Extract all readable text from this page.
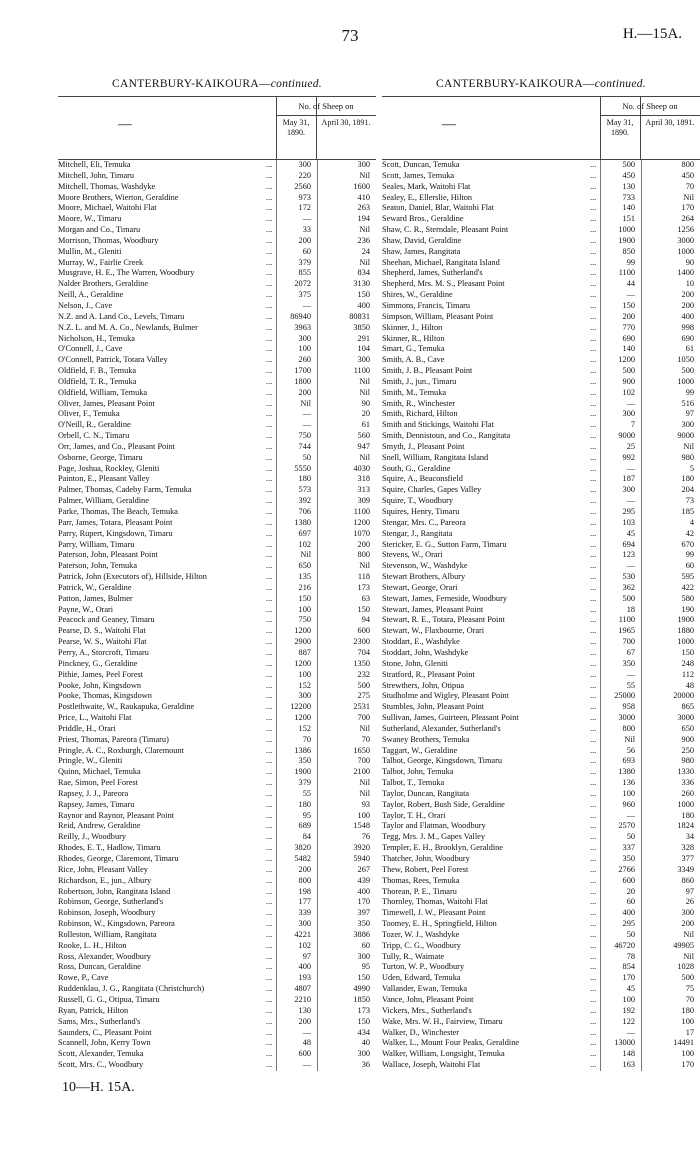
73	H.—15A.
CANTERBURY-KAIKOURA—continued.
—
No. of Sheep on
May 31, 1890.
April 30, 1891.
Mitchell, Eli, Temuka	...	300	300
Mitchell, John, Timaru	...	220	Nil
Mitchell, Thomas, Washdyke	...	2560	1600
Moore Brothers, Wierton, Geraldine	...	973	410
Moore, Michael, Waitohi Flat	...	172	263
Moore, W., Timaru	...	—	194
Morgan and Co., Timaru	...	33	Nil
Morrison, Thomas, Woodbury	...	200	236
Mullin, M., Gleniti	...	60	24
Murray, W., Fairlie Creek	...	379	Nil
Musgrave, H. E., The Warren, Woodbury	...	855	834
Nalder Brothers, Geraldine	...	2072	3130
Neill, A., Geraldine	...	375	150
Nelson, J., Cave	...	—	400
N.Z. and A. Land Co., Levels, Timaru	...	86940	80831
N.Z. L. and M. A. Co., Newlands, Bulmer	...	3963	3850
Nicholson, H., Temuka	...	300	291
O'Connell, J., Cave	...	100	104
O'Connell, Patrick, Totara Valley	...	260	300
Oldfield, F. B., Temuka	...	1700	1100
Oldfield, T. R., Temuka	...	1800	Nil
Oldfield, William, Temuka	...	200	Nil
Oliver, James, Pleasant Point	...	Nil	90
Oliver, F., Temuka	...	—	20
O'Neill, R., Geraldine	...	—	61
Orbell, C. N., Timaru	...	750	560
Orr, James, and Co., Pleasant Point	...	744	947
Osborne, George, Timaru	...	50	Nil
Page, Joshua, Rockley, Gleniti	...	5550	4030
Painton, E., Pleasant Valley	...	180	318
Palmer, Thomas, Cadeby Farm, Temuka	...	573	313
Palmer, William, Geraldine	...	392	309
Parke, Thomas, The Beach, Temuka	...	706	1100
Parr, James, Totara, Pleasant Point	...	1380	1200
Parry, Rupert, Kingsdown, Timaru	...	697	1070
Parry, William, Timaru	...	102	200
Paterson, John, Pleasant Point	...	Nil	800
Paterson, John, Temuka	...	650	Nil
Patrick, John (Executors of), Hillside, Hilton	...	135	118
Patrick, W., Geraldine	...	216	173
Patton, James, Bulmer	...	150	63
Payne, W., Orari	...	100	150
Peacock and Geaney, Timaru	...	750	94
Pearse, D. S., Waitohi Flat	...	1200	600
Pearse, W. S., Waitohi Flat	...	2900	2300
Perry, A., Storcroft, Timaru	...	887	704
Pinckney, G., Geraldine	...	1200	1350
Pithie, James, Peel Forest	...	100	232
Pooke, John, Kingsdown	...	152	500
Pooke, Thomas, Kingsdown	...	300	275
Postlethwaite, W., Raukapuka, Geraldine	...	12200	2531
Price, L., Waitohi Flat	...	1200	700
Priddle, H., Orari	...	152	Nil
Priest, Thomas, Pareora (Timaru)	...	70	70
Pringle, A. C., Roxburgh, Claremount	...	1386	1650
Pringle, W., Gleniti	...	350	700
Quinn, Michael, Temuka	...	1900	2100
Rae, Simon, Peel Forest	...	379	Nil
Rapsey, J. J., Pareora	...	55	Nil
Rapsey, James, Timaru	...	180	93
Raynor and Raynor, Pleasant Point	...	95	100
Reid, Andrew, Geraldine	...	689	1548
Reilly, J., Woodbury	...	84	76
Rhodes, E. T., Hadlow, Timaru	...	3820	3920
Rhodes, George, Claremont, Timaru	...	5482	5940
Rice, John, Pleasant Valley	...	200	267
Richardson, E., jun., Albury	...	800	439
Robertson, John, Rangitata Island	...	198	400
Robinson, George, Sutherland's	...	177	170
Robinson, Joseph, Woodbury	...	339	397
Robinson, W., Kingsdown, Pareora	...	300	350
Rolleston, William, Rangitata	...	4221	3886
Rooke, L. H., Hilton	...	102	60
Ross, Alexander, Woodbury	...	97	300
Ross, Duncan, Geraldine	...	400	95
Rowe, P., Cave	...	193	150
Ruddenklau, J. G., Rangitata (Christchurch)	...	4807	4990
Russell, G. G., Otipua, Timaru	...	2210	1850
Ryan, Patrick, Hilton	...	130	173
Sams, Mrs., Sutherland's	...	200	150
Saunders, C., Pleasant Point	...	—	434
Scannell, John, Kerry Town	...	48	40
Scott, Alexander, Temuka	...	600	300
Scott, Mrs. C., Woodbury	...	—	36
CANTERBURY-KAIKOURA—continued.
—
No. of Sheep on
May 31, 1890.
April 30, 1891.
Scott, Duncan, Temuka	...	500	800
Scott, James, Temuka	...	450	450
Seales, Mark, Waitohi Flat	...	130	70
Sealey, E., Ellerslie, Hilton	...	733	Nil
Seaton, Daniel, Blar, Waitohi Flat	...	140	170
Seward Bros., Geraldine	...	151	264
Shaw, C. R., Sterndale, Pleasant Point	...	1000	1256
Shaw, David, Geraldine	...	1900	3000
Shaw, James, Rangitata	...	850	1000
Sheehan, Michael, Rangitata Island	...	99	90
Shepherd, James, Sutherland's	...	1100	1400
Shepherd, Mrs. M. S., Pleasant Point	...	44	10
Shires, W., Geraldine	...	—	200
Simmons, Francis, Timaru	...	150	200
Simpson, William, Pleasant Point	...	200	400
Skinner, J., Hilton	...	770	998
Skinner, R., Hilton	...	690	690
Smart, G., Temuka	...	140	61
Smith, A. B., Cave	...	1200	1050
Smith, J. B., Pleasant Point	...	500	500
Smith, J., jun., Timaru	...	900	1000
Smith, M., Temuka	...	102	99
Smith, R., Winchester	...	—	516
Smith, Richard, Hilton	...	300	97
Smith and Stickings, Waitohi Flat	...	7	300
Smith, Dennistoun, and Co., Rangitata	...	9000	9000
Smyth, J., Pleasant Point	...	25	Nil
Snell, William, Rangitata Island	...	992	980
South, G., Geraldine	...	—	5
Squire, A., Beaconsfield	...	187	180
Squire, Charles, Gapes Valley	...	300	204
Squire, T., Woodbury	...	—	73
Squires, Henry, Timaru	...	295	185
Stengar, Mrs. C., Pareora	...	103	4
Stengar, J., Rangitata	...	45	42
Stericker, E. G., Sutton Farm, Timaru	...	694	670
Stevens, W., Orari	...	123	99
Stevenson, W., Washdyke	...	—	60
Stewart Brothers, Albury	...	530	595
Stewart, George, Orari	...	362	422
Stewart, James, Ferneside, Woodbury	...	500	580
Stewart, James, Pleasant Point	...	18	190
Stewart, R. E., Totara, Pleasant Point	...	1100	1900
Stewart, W., Flaxbourne, Orari	...	1965	1880
Stoddart, E., Washdyke	...	700	1000
Stoddart, John, Washdyke	...	67	150
Stone, John, Gleniti	...	350	248
Stratford, R., Pleasant Point	...	—	112
Strewthers, John, Otipua	...	55	48
Studholme and Wigley, Pleasant Point	...	25000	20000
Stumbles, John, Pleasant Point	...	958	865
Sullivan, James, Guirteen, Pleasant Point	...	3000	3000
Sutherland, Alexander, Sutherland's	...	800	650
Swaney Brothers, Temuka	...	Nil	900
Taggart, W., Geraldine	...	56	250
Talbot, George, Kingsdown, Timaru	...	693	980
Talbot, John, Temuka	...	1380	1330
Talbot, T., Temuka	...	136	336
Taylor, Duncan, Rangitata	...	100	260
Taylor, Robert, Bush Side, Geraldine	...	960	1000
Taylor, T. H., Orari	...	—	180
Taylor and Flatman, Woodbury	...	2570	1824
Tegg, Mrs. J. M., Gapes Valley	...	50	34
Templer, E. H., Brooklyn, Geraldine	...	337	328
Thatcher, John, Woodbury	...	350	377
Thew, Robert, Peel Forest	...	2766	3349
Thomas, Rees, Temuka	...	600	860
Thorean, P. E., Timaru	...	20	97
Thornley, Thomas, Waitohi Flat	...	60	26
Timewell, J. W., Pleasant Point	...	400	300
Toomey, E. H., Springfield, Hilton	...	295	200
Tozer, W. J., Washdyke	...	50	Nil
Tripp, C. G., Woodbury	...	46720	49905
Tully, R., Waimate	...	78	Nil
Turton, W. P., Woodbury	...	854	1028
Uden, Edward, Temuka	...	170	500
Vallander, Ewan, Temuka	...	45	75
Vance, John, Pleasant Point	...	100	70
Vickers, Mrs., Sutherland's	...	192	180
Wake, Mrs. W. H., Fairview, Timaru	...	122	100
Walker, D., Winchester	...	—	17
Walker, L., Mount Four Peaks, Geraldine	...	13000	14491
Walker, William, Longsight, Temuka	...	148	100
Wallace, Joseph, Waitohi Flat	...	163	170
10—H. 15A.
